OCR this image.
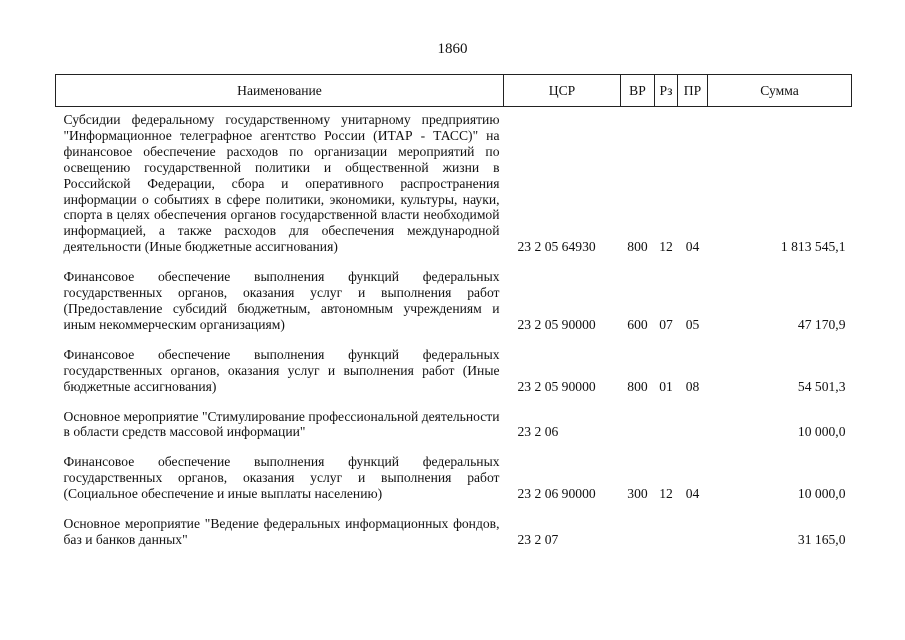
1860
Наименование	ЦСР	ВР	Рз	ПР	Сумма
Субсидии федеральному государственному унитарному предприятию "Информационное телеграфное агентство России (ИТАР - ТАСС)" на финансовое обеспечение расходов по организации мероприятий по освещению государственной политики и общественной жизни в Российской Федерации, сбора и оперативного распространения информации о событиях в сфере политики, экономики, культуры, науки, спорта в целях обеспечения органов государственной власти необходимой информацией, а также расходов для обеспечения международной деятельности (Иные бюджетные ассигнования)	23 2 05 64930	800	12	04	1 813 545,1
Финансовое обеспечение выполнения функций федеральных государственных органов, оказания услуг и выполнения работ (Предоставление субсидий бюджетным, автономным учреждениям и иным некоммерческим организациям)	23 2 05 90000	600	07	05	47 170,9
Финансовое обеспечение выполнения функций федеральных государственных органов, оказания услуг и выполнения работ (Иные бюджетные ассигнования)	23 2 05 90000	800	01	08	54 501,3
Основное мероприятие "Стимулирование профессиональной деятельности в области средств массовой информации"	23 2 06				10 000,0
Финансовое обеспечение выполнения функций федеральных государственных органов, оказания услуг и выполнения работ (Социальное обеспечение и иные выплаты населению)	23 2 06 90000	300	12	04	10 000,0
Основное мероприятие "Ведение федеральных информационных фондов, баз и банков данных"	23 2 07				31 165,0
